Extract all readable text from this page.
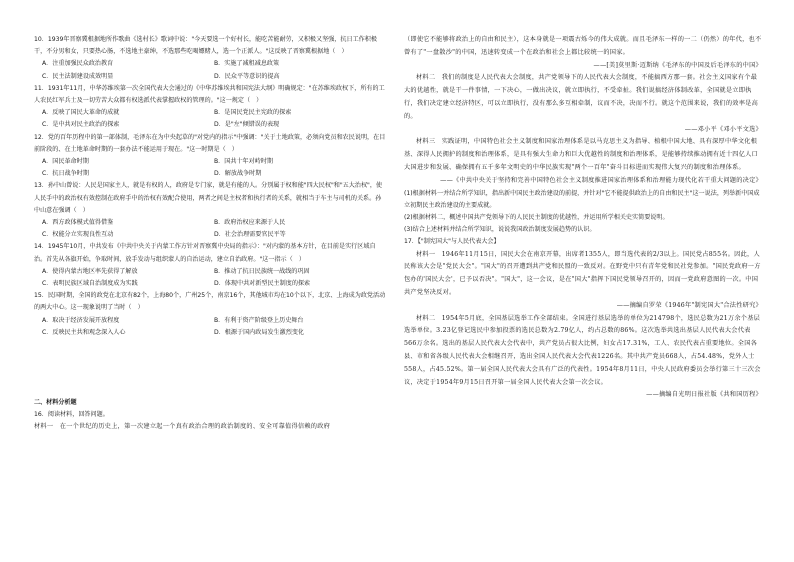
10．1939年晋察冀根据地所作歌曲《选村长》歌词中说："今天要选一个好村长，能吃苦能耐劳，又积极又坚强，抗日工作积极干，不分男和女，只要热心肠，不选地主豪绅，不选那些吃喝嫖赌人，选一个正派人。"这反映了晋察冀根据地（　）

A．注重加强民众政治教育	B．实施了减租减息政策
C．民主法制建设成效明显	D．民众平等意识的提高

11．1931年11月，中华苏维埃第一次全国代表大会通过的《中华苏维埃共和国宪法大纲》明确规定："在苏维埃政权下，所有的工人农民红军兵士及一切劳苦大众都有权选派代表掌握政权的管理的。"这一规定（　）

A．反映了国民大革命的成就	B．是国民党民主宪政的探索
C．是中共对民主政治的探索	D．是"左"倾错误的表现

12．党的百年历程中的第一部体制，毛泽东在为中央起草的"对党内的指示"中强调："关于土地政策，必须向党员和农民说明，在目前阶段的、在土地革命时期的一套办法不能运用于现在。"这一时期是（　）

A．国民革命时期	B．国共十年对峙时期
C．抗日战争时期	D．解放战争时期

13．孙中山曾说：人民是国家主人，就是有权的人，政府是专门家，就是有能的人。分别属于权和能"四大民权"和"五大治权"，使人民手中的政治权有效控制在政府手中的治权有效配合使用，两者之间是主权者和执行者的关系，就相当于车主与司机的关系。孙中山意在强调（　）

A．西方政体模式值得借鉴	B．政府治权应来源于人民
C．权能分立实现良性互动	D．社会治理需要官民平等

14．1945年10月，中共发布《中共中央关于内蒙工作方针对晋察冀中央局的指示》："对内蒙的基本方针，在目前是实行区域自治。首先从各旗开始，争取时间，放手发动与组织蒙人的自治运动，建立自治政府。"这一指示（　）

A．使得内蒙古地区率先获得了解放	B．推动了抗日民族统一战线的巩固
C．表明民族区域自治制度成为实践	D．体现中共对新型民主制度的探索

15．民国时期，全国的政党在北京有82个，上海80个，广州25个，南京16个，其他城市均在10个以下，北京、上海成为政党活动的两大中心。这一现象说明了当时（　）

A．取决于经济发展开放程度	B．有利于资产阶级登上历史舞台
C．反映民主共和观念深入人心	D．根源于国内政局发生激烈变化
二、材料分析题

16．阅读材料，回答问题。

材料一　在一个世纪的历史上，第一次建立起一个真有政治合理的政治制度的、安全可靠值得信赖的政府

（即使它不能够将政治上的自由和民主），这本身就是一项震古烁今的伟大成就。而且毛泽东一样的一二（仍然）的年代，也不曾有了"一盘散沙"的中国，迅速转变成一个在政治和社会上都比较统一的国家。

——[美]莫里斯·迈斯纳《毛泽东的中国及后毛泽东的中国》

材料二　我们的制度是人民代表大会制度，共产党领导下的人民代表大会制度，不能搞西方那一套。社会主义国家有个最大的优越性，就是干一件事情，一下决心，一做出决议，就立即执行，不受牵扯。我们说搞经济体制改革，全国就是立即执行，我们决定建立经济特区，可以立即执行，没有那么多互相牵制，议而不决，决而不行。就这个范围来说，我们的效率是高的。

——邓小平《邓小平文选》

材料三　实践证明，中国特色社会主义制度和国家治理体系是以马克思主义为指导、植根中国大地、具有深厚中华文化根基、深得人民拥护的制度和治理体系，是具有强大生命力和巨大优越性的制度和治理体系，是能够持续推动拥有近十四亿人口大国进步和发展、确保拥有五千多年文明史的中华民族实现"两个一百年"奋斗目标进而实现伟大复兴的制度和治理体系。

——《中共中央关于坚持和完善中国特色社会主义制度推进国家治理体系和治理能力现代化若干重大问题的决定》

(1)根据材料一并结合所学知识，指出新中国民主政治建设的前提，并针对"它不能提供政治上的自由和民主"这一说法，列举新中国成立初期民主政治建设的主要成就。

(2)根据材料二，概述中国共产党领导下的人民民主制度的优越性，并运用所学相关史实简要说明。

(3)结合上述材料并结合所学知识，说说我国政治制度发展趋势的认识。

17．【"制宪国大"与人民代表大会】

材料一　1946年11月15日，国民大会在南京开幕，出席者1355人，即当选代表的2/3以上。国民党占855名。因此，人民称该大会是"党民大会"。"国大"的召开遭到共产党和民盟的一致反对。在野党中只有青年党和民社党参加。"国民党政府一方包办的'国民大会'，已予以否决"。"国大"，这一会议，是在"国大"指挥下国民党领导召开的，因而一党政府意图的一次。中国共产党坚决反对。

——摘编自罗荣《1946年"制宪国大"合法性研究》

材料二　1954年5月底，全国基层选举工作全部结束。全国进行基层选举的单位为214798个，选民总数为21万余个基层选举单位。3.23亿登记选民中参加投票的选民总数为2.79亿人，约占总数的86%。这次选举共选出基层人民代表大会代表566万余名。选出的基层人民代表大会代表中，共产党员占很大比例，妇女占17.31%，工人、农民代表占重要地位。全国各县、市和省各级人民代表大会相继召开，选出全国人民代表大会代表1226名。其中共产党员668人，占54.48%，党外人士558人，占45.52%。第一届全国人民代表大会具有广泛的代表性。1954年8月11日，中央人民政府委员会举行第三十三次会议，决定于1954年9月15日召开第一届全国人民代表大会第一次会议。

——摘编自光明日报社版《共和国历程》
